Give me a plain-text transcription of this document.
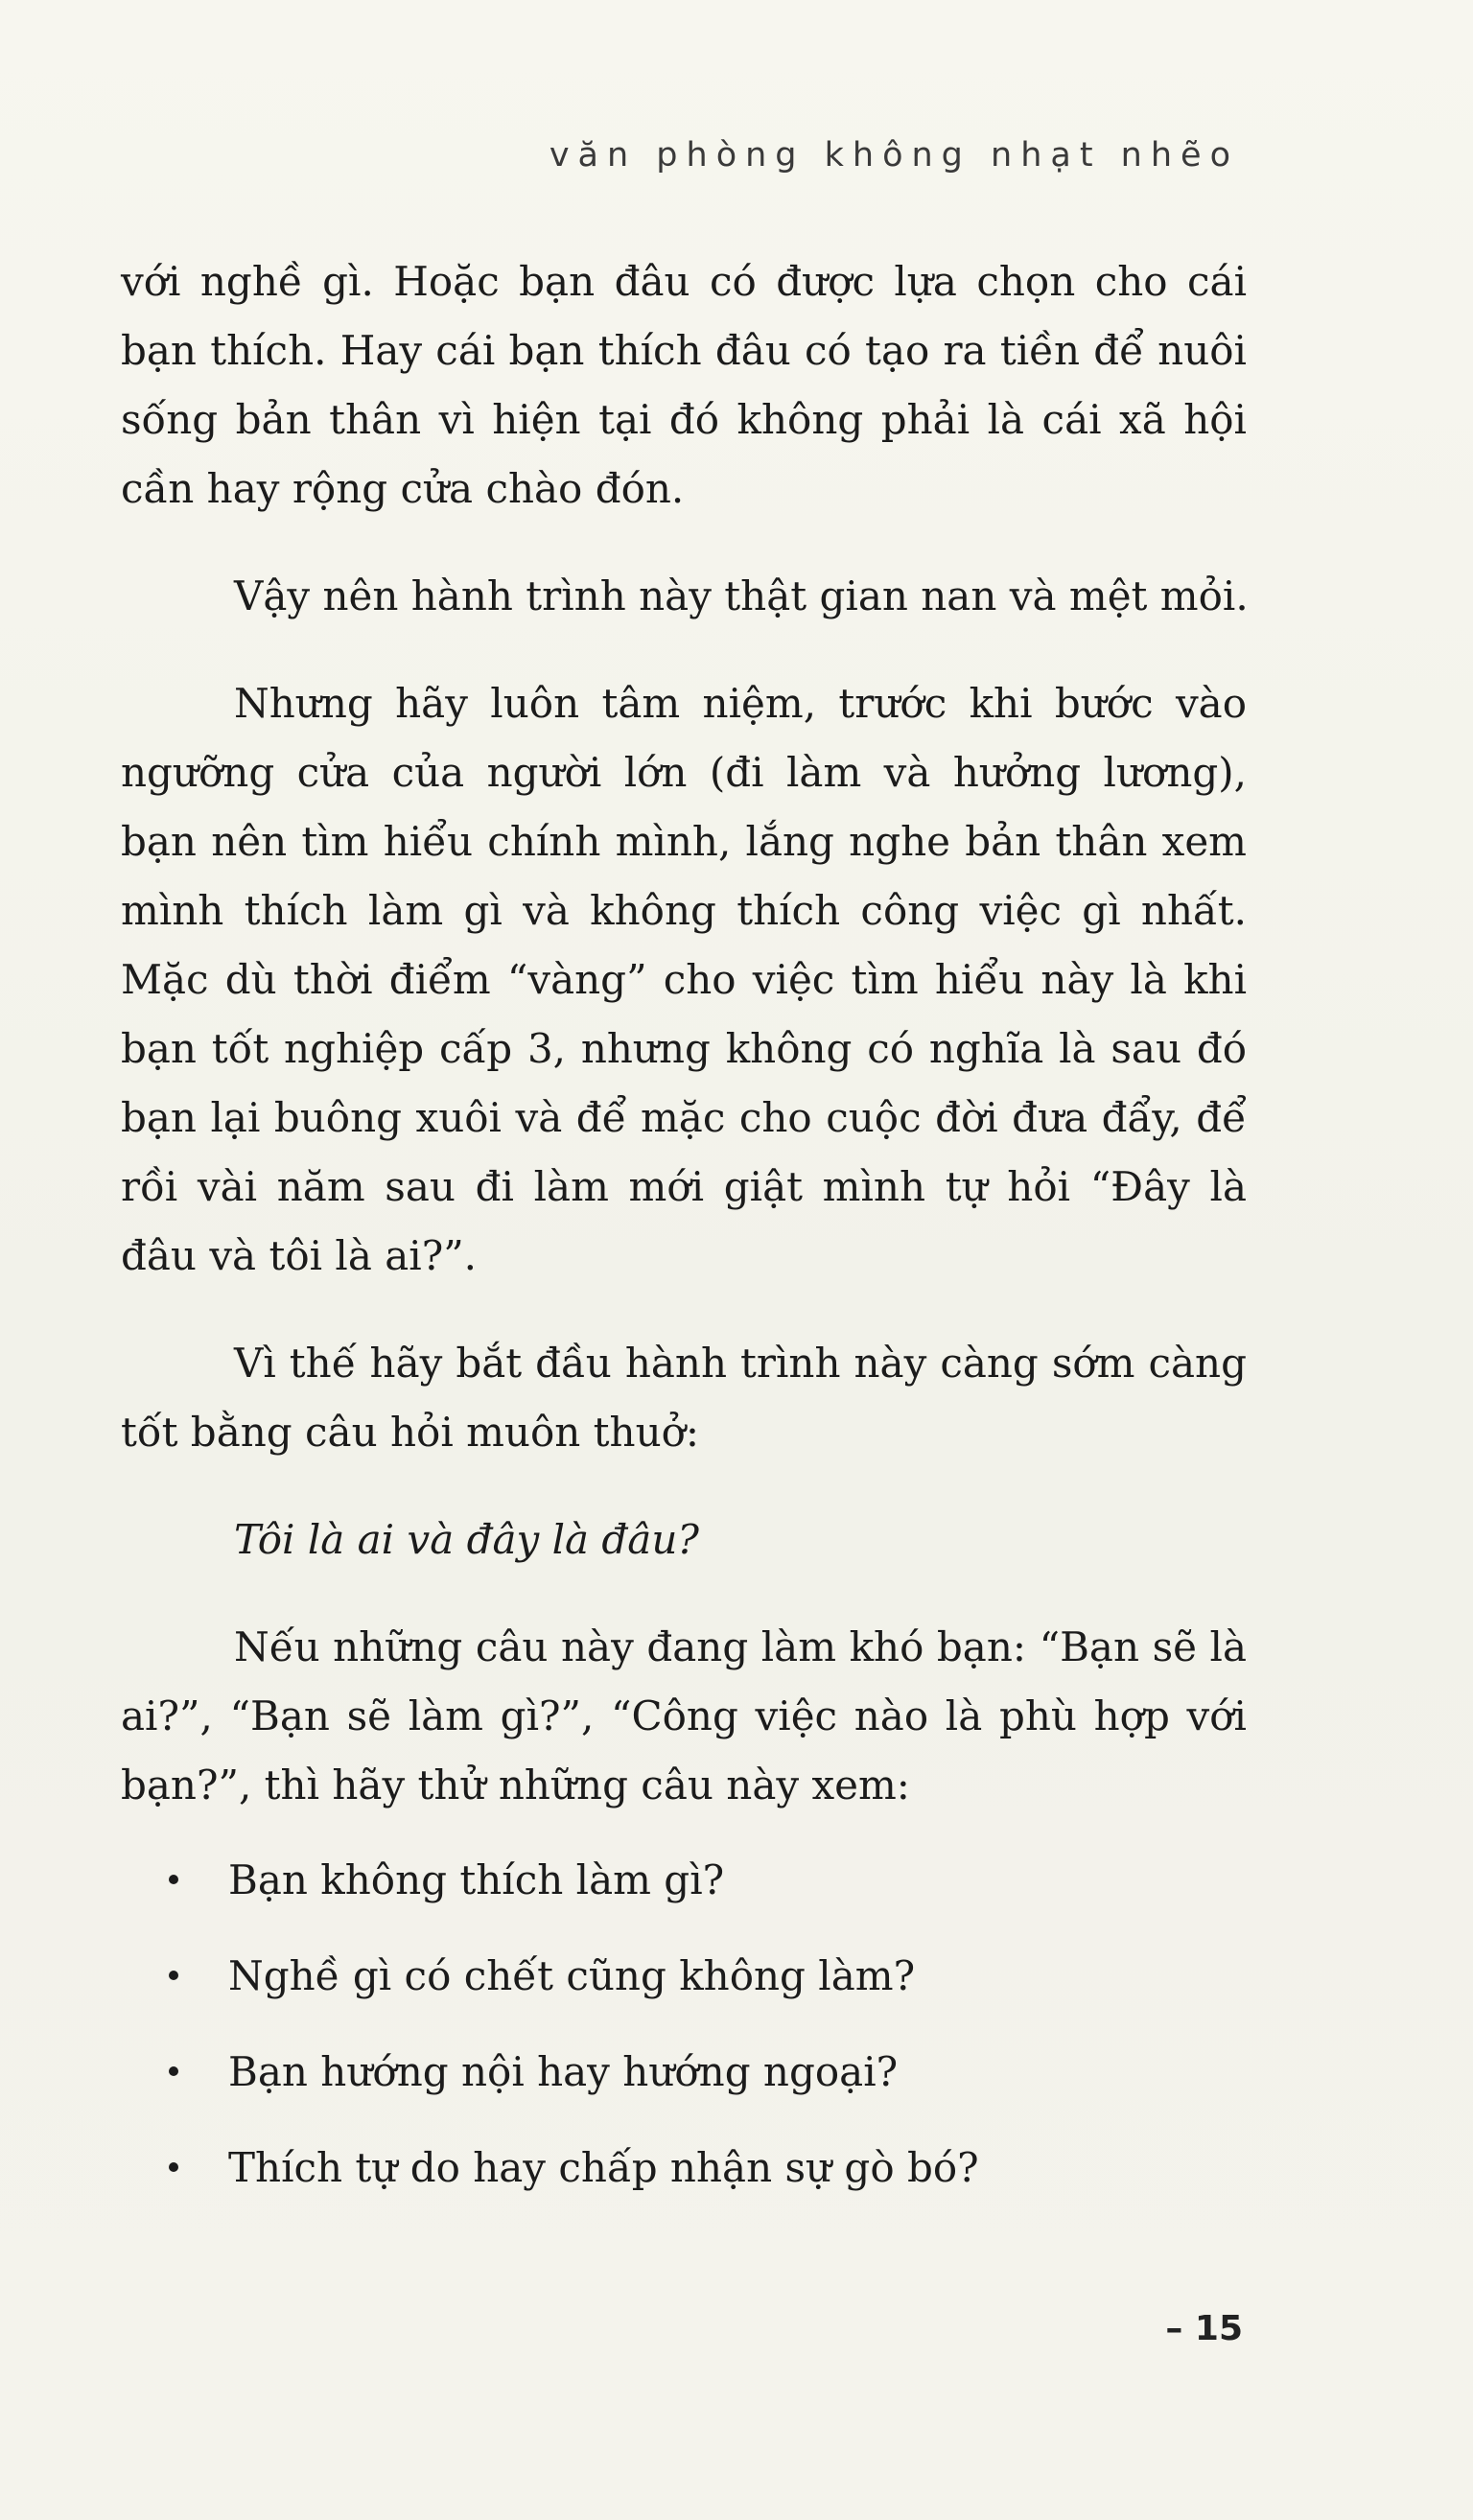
văn phòng không nhạt nhẽo
với nghề gì. Hoặc bạn đâu có được lựa chọn cho cái
bạn thích. Hay cái bạn thích đâu có tạo ra tiền để nuôi
sống bản thân vì hiện tại đó không phải là cái xã hội
cần hay rộng cửa chào đón.
Vậy nên hành trình này thật gian nan và mệt mỏi.
Nhưng hãy luôn tâm niệm, trước khi bước vào
ngưỡng cửa của người lớn (đi làm và hưởng lương),
bạn nên tìm hiểu chính mình, lắng nghe bản thân xem
mình thích làm gì và không thích công việc gì nhất.
Mặc dù thời điểm “vàng” cho việc tìm hiểu này là khi
bạn tốt nghiệp cấp 3, nhưng không có nghĩa là sau đó
bạn lại buông xuôi và để mặc cho cuộc đời đưa đẩy, để
rồi vài năm sau đi làm mới giật mình tự hỏi “Đây là
đâu và tôi là ai?”.
Vì thế hãy bắt đầu hành trình này càng sớm càng
tốt bằng câu hỏi muôn thuở:
Tôi là ai và đây là đâu?
Nếu những câu này đang làm khó bạn: “Bạn sẽ là
ai?”, “Bạn sẽ làm gì?”, “Công việc nào là phù hợp với
bạn?”, thì hãy thử những câu này xem:
Bạn không thích làm gì?
Nghề gì có chết cũng không làm?
Bạn hướng nội hay hướng ngoại?
Thích tự do hay chấp nhận sự gò bó?
– 15
